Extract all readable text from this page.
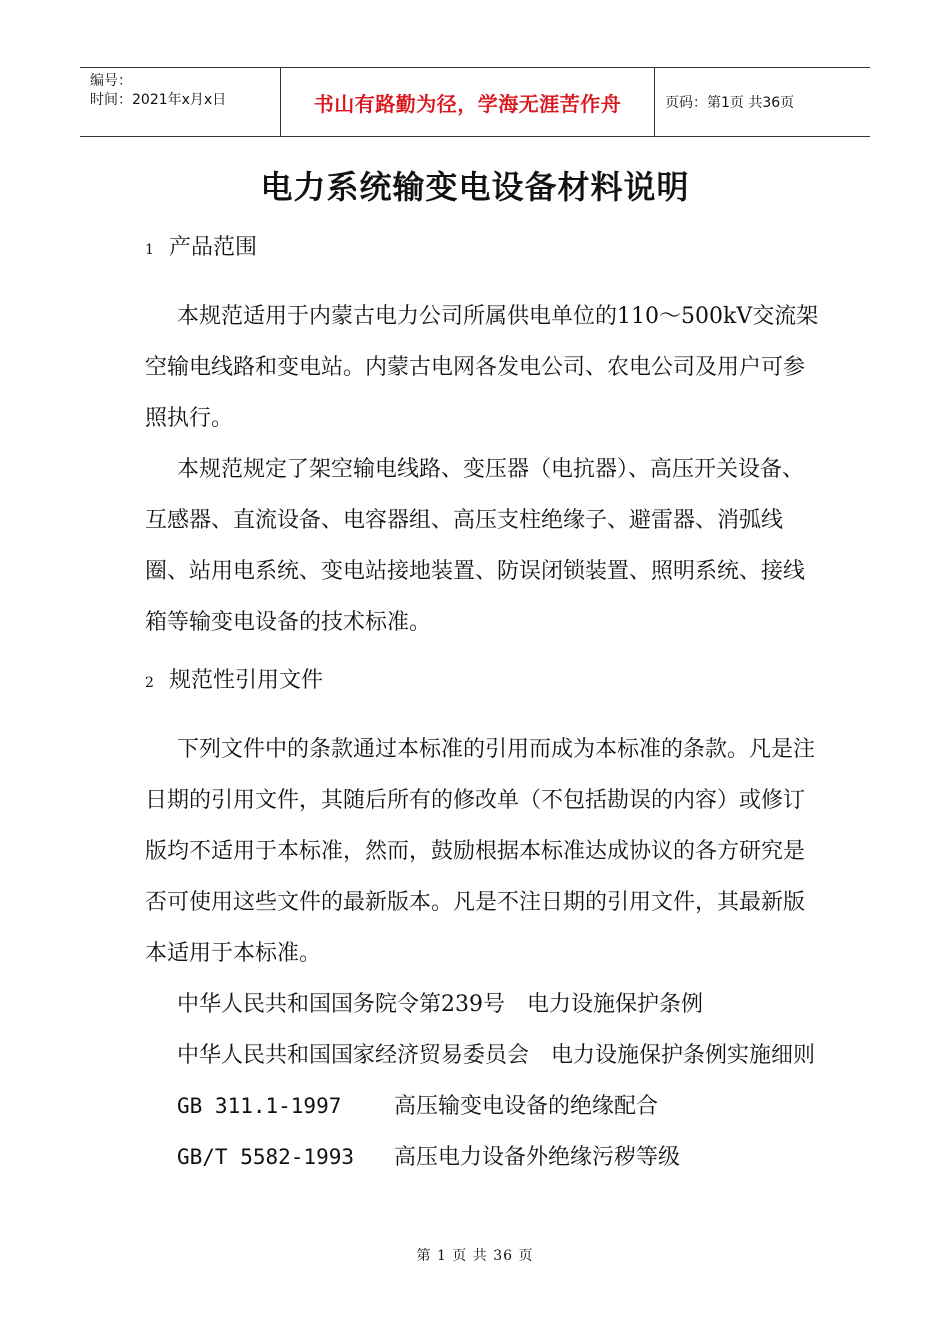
编号：
时间：2021年x月x日	书山有路勤为径，学海无涯苦作舟	页码：第1页 共36页
电力系统输变电设备材料说明

1 产品范围

本规范适用于内蒙古电力公司所属供电单位的110～500kV交流架空输电线路和变电站。内蒙古电网各发电公司、农电公司及用户可参照执行。

本规范规定了架空输电线路、变压器（电抗器）、高压开关设备、互感器、直流设备、电容器组、高压支柱绝缘子、避雷器、消弧线圈、站用电系统、变电站接地装置、防误闭锁装置、照明系统、接线箱等输变电设备的技术标准。

2 规范性引用文件

下列文件中的条款通过本标准的引用而成为本标准的条款。凡是注日期的引用文件，其随后所有的修改单（不包括勘误的内容）或修订版均不适用于本标准，然而，鼓励根据本标准达成协议的各方研究是否可使用这些文件的最新版本。凡是不注日期的引用文件，其最新版本适用于本标准。

中华人民共和国国务院令第239号　电力设施保护条例

中华人民共和国国家经济贸易委员会　电力设施保护条例实施细则

GB 311.1-1997	高压输变电设备的绝缘配合
GB/T 5582-1993	高压电力设备外绝缘污秽等级
第 1 页 共 36 页
